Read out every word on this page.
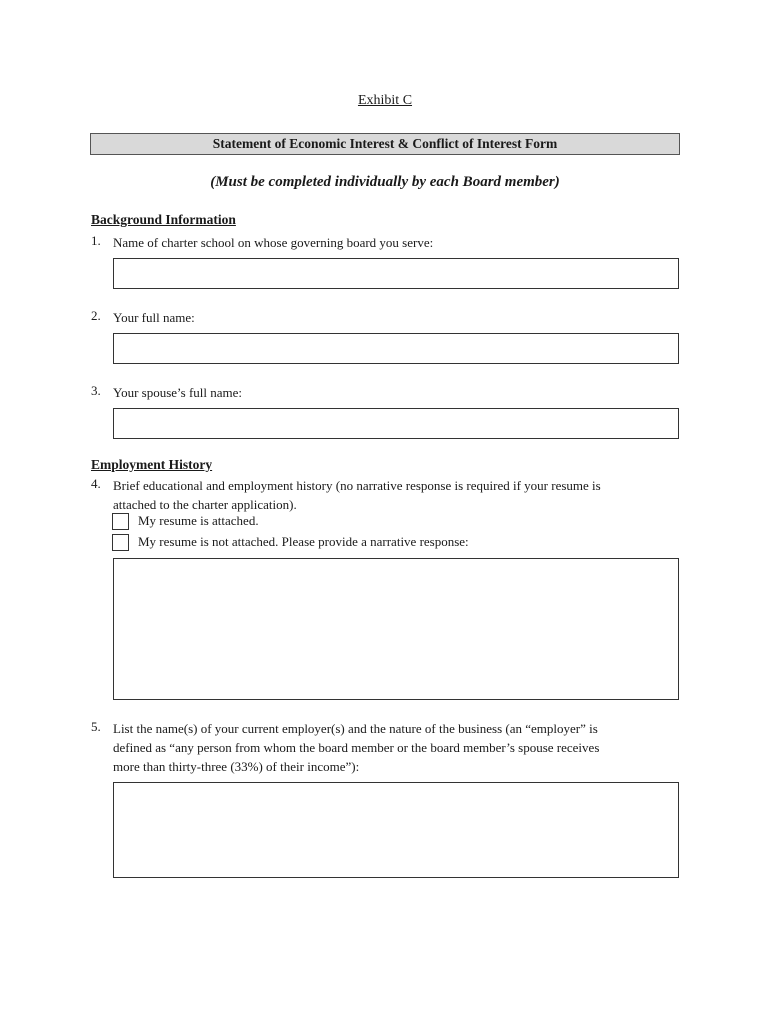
Exhibit C
Statement of Economic Interest & Conflict of Interest Form
(Must be completed individually by each Board member)
Background Information
1. Name of charter school on whose governing board you serve:
2. Your full name:
3. Your spouse’s full name:
Employment History
4. Brief educational and employment history (no narrative response is required if your resume is
attached to the charter application).
My resume is attached.
My resume is not attached. Please provide a narrative response:
5. List the name(s) of your current employer(s) and the nature of the business (an “employer” is
defined as “any person from whom the board member or the board member’s spouse receives
more than thirty-three (33%) of their income”):
